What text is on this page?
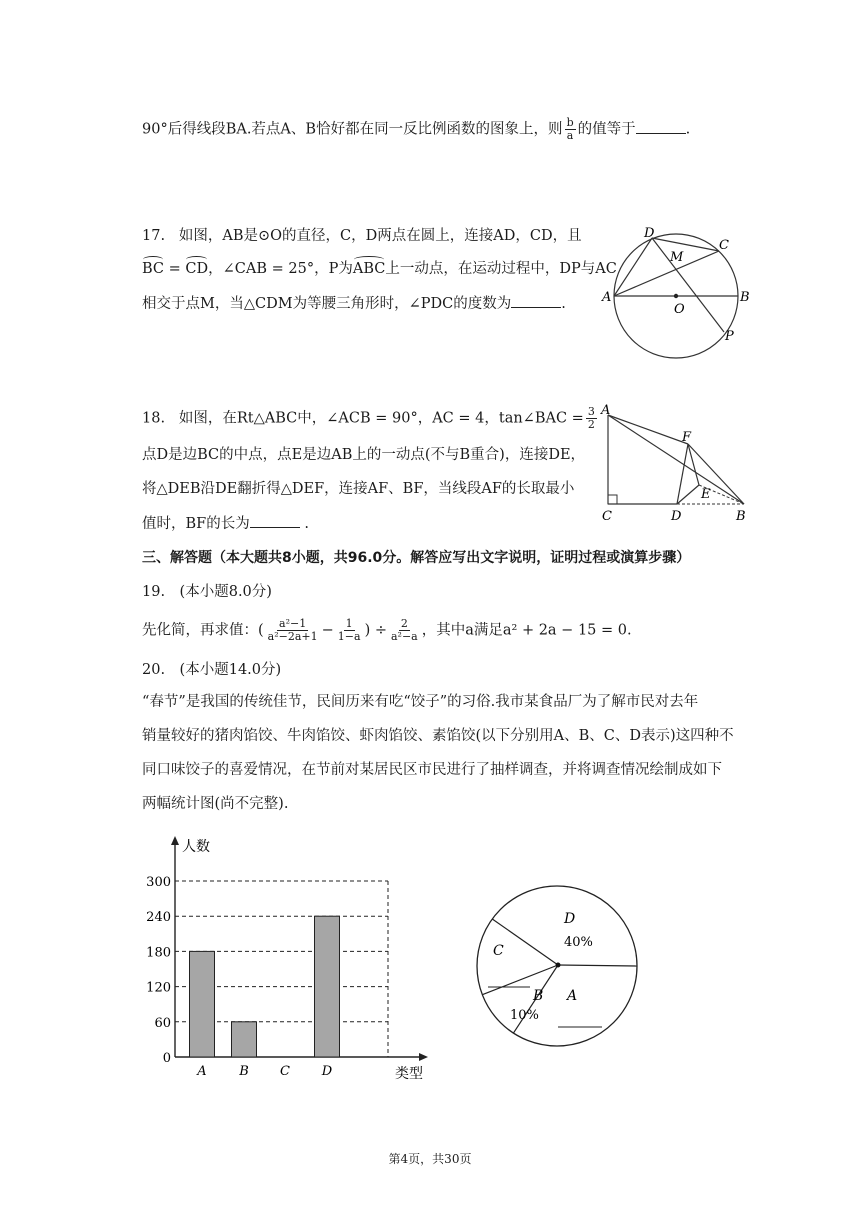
90°后得线段BA.若点A、B恰好都在同一反比例函数的图象上，则 $\frac{b}{a}$ 的值等于	.
17. 如图，AB是⊙O的直径，C，D两点在圆上，连接AD，CD，且
BC = CD，∠CAB = 25°，P为ABC上一动点，在运动过程中，DP与AC
相交于点M，当△CDM为等腰三角形时，∠PDC的度数为	.
D
C
M
A	B
O
P
18. 如图，在Rt△ABC中，∠ACB = 90°，AC = 4，tan∠BAC = $\frac{3}{2}$
点D是边BC的中点，点E是边AB上的一动点(不与B重合)，连接DE，
将△DEB沿DE翻折得△DEF，连接AF、BF，当线段AF的长取最小
值时，BF的长为	.
A
F
E
C	D	B
三、解答题（本大题共8小题，共96.0分。解答应写出文字说明，证明过程或演算步骤）
19.　(本小题8.0分)
先化简，再求值：( $\frac{\text{a²−1}}{\text{a²−2a+1}} - \frac{1}{1-a}$ ) ÷ $\frac{2}{\text{a²−a}}$ ，其中a满足a² + 2a − 15 = 0.
20.　(本小题14.0分)
“春节”是我国的传统佳节，民间历来有吃“饺子”的习俗.我市某食品厂为了解市民对去年
销量较好的猪肉馅饺、牛肉馅饺、虾肉馅饺、素馅饺(以下分别用A、B、C、D表示)这四种不
同口味饺子的喜爱情况，在节前对某居民区市民进行了抽样调查，并将调查情况绘制成如下
两幅统计图(尚不完整).
0
60
120
180
240
300
人数
类型
A	B C D
D
40%
C
B
10%
A
第4页，共30页
